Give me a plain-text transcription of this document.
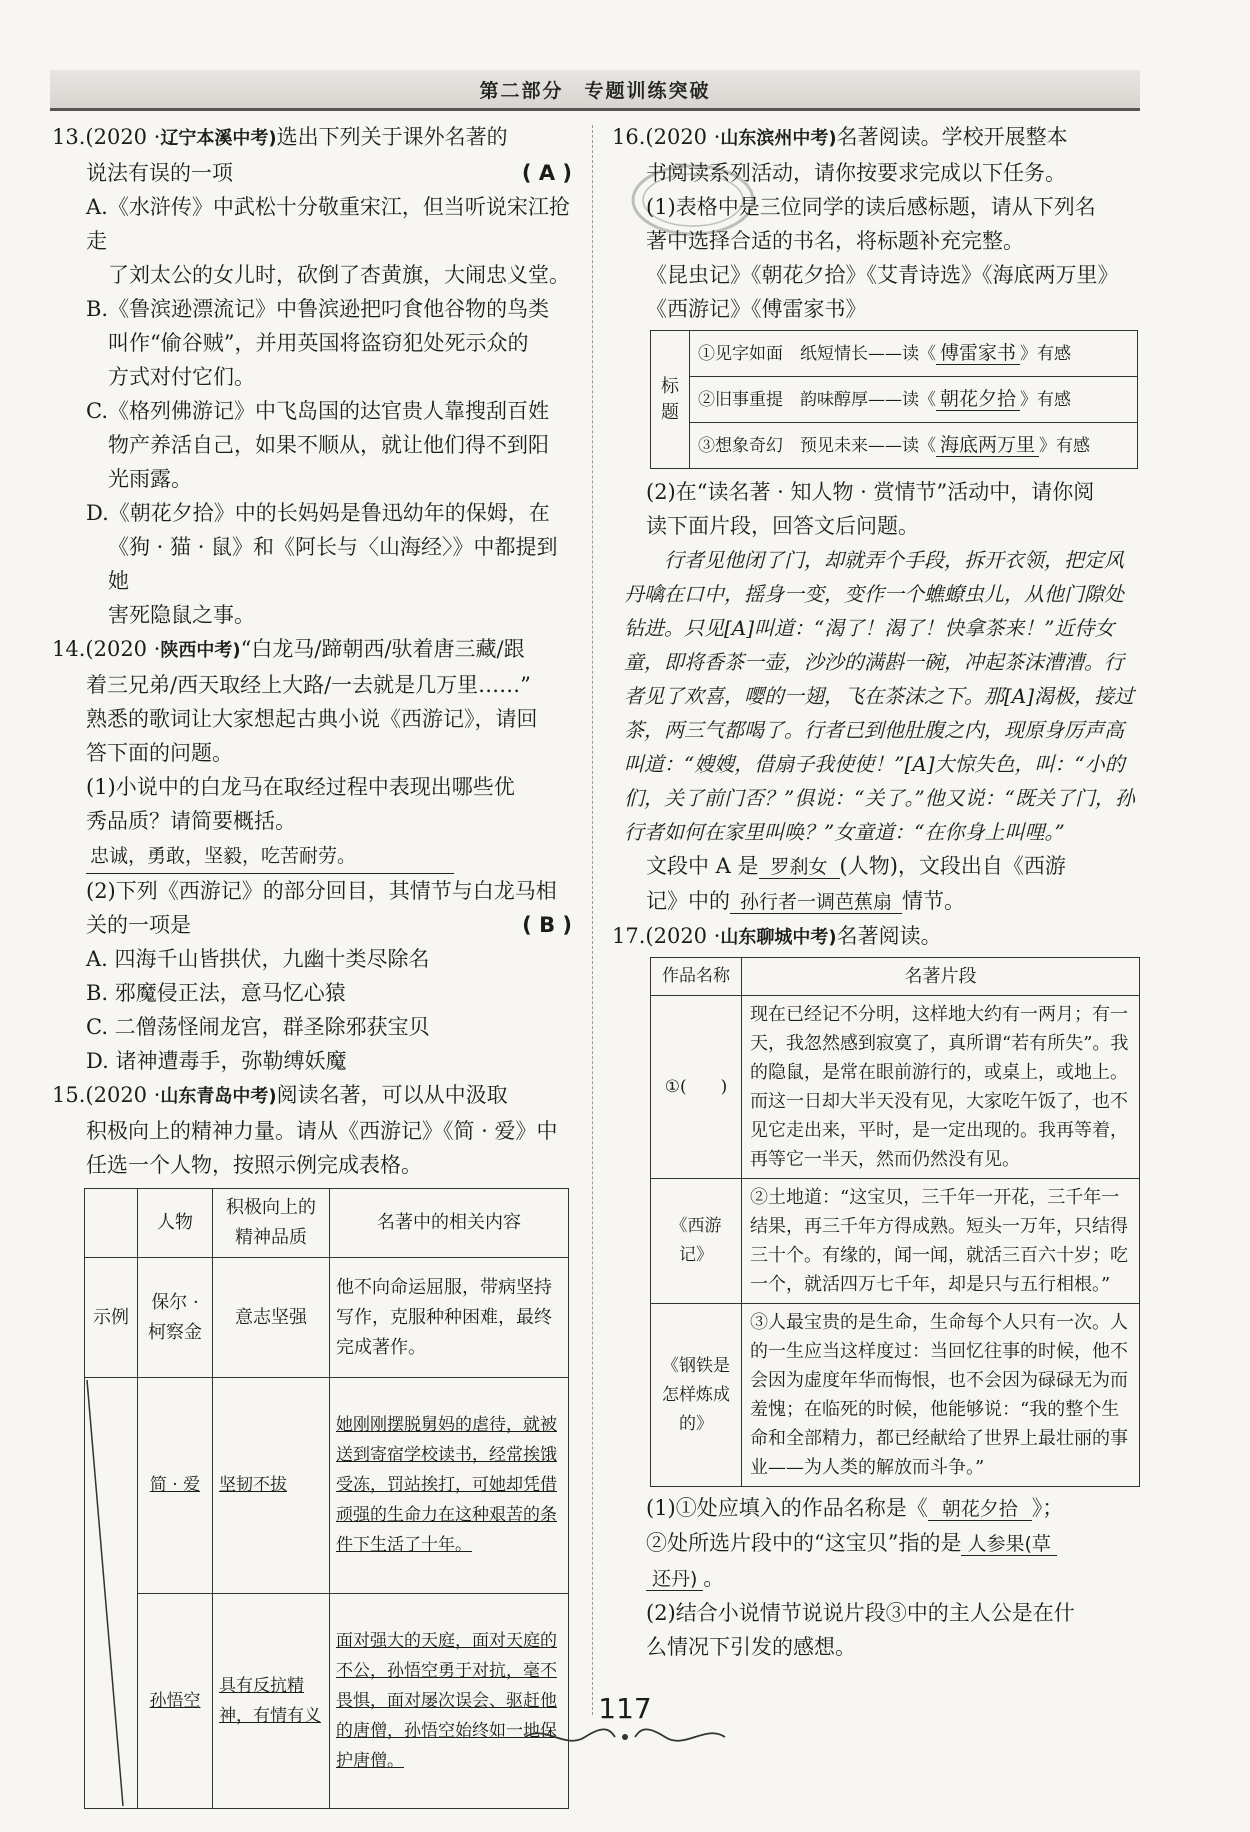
第二部分　专题训练突破

13.(2020 ·辽宁本溪中考)选出下列关于课外名著的

说法有误的一项	( A )

A.《水浒传》中武松十分敬重宋江，但当听说宋江抢走

了刘太公的女儿时，砍倒了杏黄旗，大闹忠义堂。

B.《鲁滨逊漂流记》中鲁滨逊把叼食他谷物的鸟类

叫作“偷谷贼”，并用英国将盗窃犯处死示众的

方式对付它们。

C.《格列佛游记》中飞岛国的达官贵人靠搜刮百姓

物产养活自己，如果不顺从，就让他们得不到阳

光雨露。

D.《朝花夕拾》中的长妈妈是鲁迅幼年的保姆，在

《狗 · 猫 · 鼠》和《阿长与〈山海经〉》中都提到她

害死隐鼠之事。

14.(2020 ·陕西中考)“白龙马/蹄朝西/驮着唐三藏/跟

着三兄弟/西天取经上大路/一去就是几万里……”

熟悉的歌词让大家想起古典小说《西游记》，请回

答下面的问题。

(1)小说中的白龙马在取经过程中表现出哪些优

秀品质？请简要概括。

忠诚，勇敢，坚毅，吃苦耐劳。

(2)下列《西游记》的部分回目，其情节与白龙马相

关的一项是	( B )

A. 四海千山皆拱伏，九幽十类尽除名

B. 邪魔侵正法，意马忆心猿

C. 二僧荡怪闹龙宫，群圣除邪获宝贝

D. 诸神遭毒手，弥勒缚妖魔

15.(2020 ·山东青岛中考)阅读名著，可以从中汲取

积极向上的精神力量。请从《西游记》《简 · 爱》中

任选一个人物，按照示例完成表格。

	人物	积极向上的精神品质	名著中的相关内容
示例	保尔 · 柯察金	意志坚强	他不向命运屈服，带病坚持写作，克服种种困难，最终完成著作。

	简 · 爱	坚韧不拔	她刚刚摆脱舅妈的虐待，就被送到寄宿学校读书，经常挨饿受冻，罚站挨打，可她却凭借顽强的生命力在这种艰苦的条件下生活了十年。
	孙悟空	具有反抗精神，有情有义	面对强大的天庭，面对天庭的不公，孙悟空勇于对抗，毫不畏惧，面对屡次误会、驱赶他的唐僧，孙悟空始终如一地保护唐僧。

16.(2020 ·山东滨州中考)名著阅读。学校开展整本

书阅读系列活动，请你按要求完成以下任务。

(1)表格中是三位同学的读后感标题，请从下列名

著中选择合适的书名，将标题补充完整。

《昆虫记》《朝花夕拾》《艾青诗选》《海底两万里》

《西游记》《傅雷家书》

标题	①见字如面　纸短情长——读《 傅雷家书 》有感
②旧事重提　韵味醇厚——读《 朝花夕拾 》有感
③想象奇幻　预见未来——读《 海底两万里 》有感

(2)在“读名著 · 知人物 · 赏情节”活动中，请你阅

读下面片段，回答文后问题。

行者见他闭了门，却就弄个手段，拆开衣领，把定风丹噙在口中，摇身一变，变作一个蟭蟟虫儿，从他门隙处钻进。只见[A]叫道：“渴了！渴了！快拿茶来！”近侍女童，即将香茶一壶，沙沙的满斟一碗，冲起茶沫漕漕。行者见了欢喜，嘤的一翅，飞在茶沫之下。那[A]渴极，接过茶，两三气都喝了。行者已到他肚腹之内，现原身厉声高叫道：“嫂嫂，借扇子我使使！”[A]大惊失色，叫：“小的们，关了前门否？”俱说：“关了。”他又说：“既关了门，孙行者如何在家里叫唤？”女童道：“在你身上叫哩。”

文段中 A 是 罗刹女 (人物)，文段出自《西游

记》中的 孙行者一调芭蕉扇 情节。

17.(2020 ·山东聊城中考)名著阅读。

作品名称	名著片段
①(　　)	现在已经记不分明，这样地大约有一两月；有一天，我忽然感到寂寞了，真所谓“若有所失”。我的隐鼠，是常在眼前游行的，或桌上，或地上。而这一日却大半天没有见，大家吃午饭了，也不见它走出来，平时，是一定出现的。我再等着，再等它一半天，然而仍然没有见。
《西游记》	②土地道：“这宝贝，三千年一开花，三千年一结果，再三千年方得成熟。短头一万年，只结得三十个。有缘的，闻一闻，就活三百六十岁；吃一个，就活四万七千年，却是只与五行相根。”
《钢铁是怎样炼成的》	③人最宝贵的是生命，生命每个人只有一次。人的一生应当这样度过：当回忆往事的时候，他不会因为虚度年华而悔恨，也不会因为碌碌无为而羞愧；在临死的时候，他能够说：“我的整个生命和全部精力，都已经献给了世界上最壮丽的事业——为人类的解放而斗争。”

(1)①处应填入的作品名称是《 朝花夕拾 》；

②处所选片段中的“这宝贝”指的是 人参果(草

还丹) 。

(2)结合小说情节说说片段③中的主人公是在什

么情况下引发的感想。

117
